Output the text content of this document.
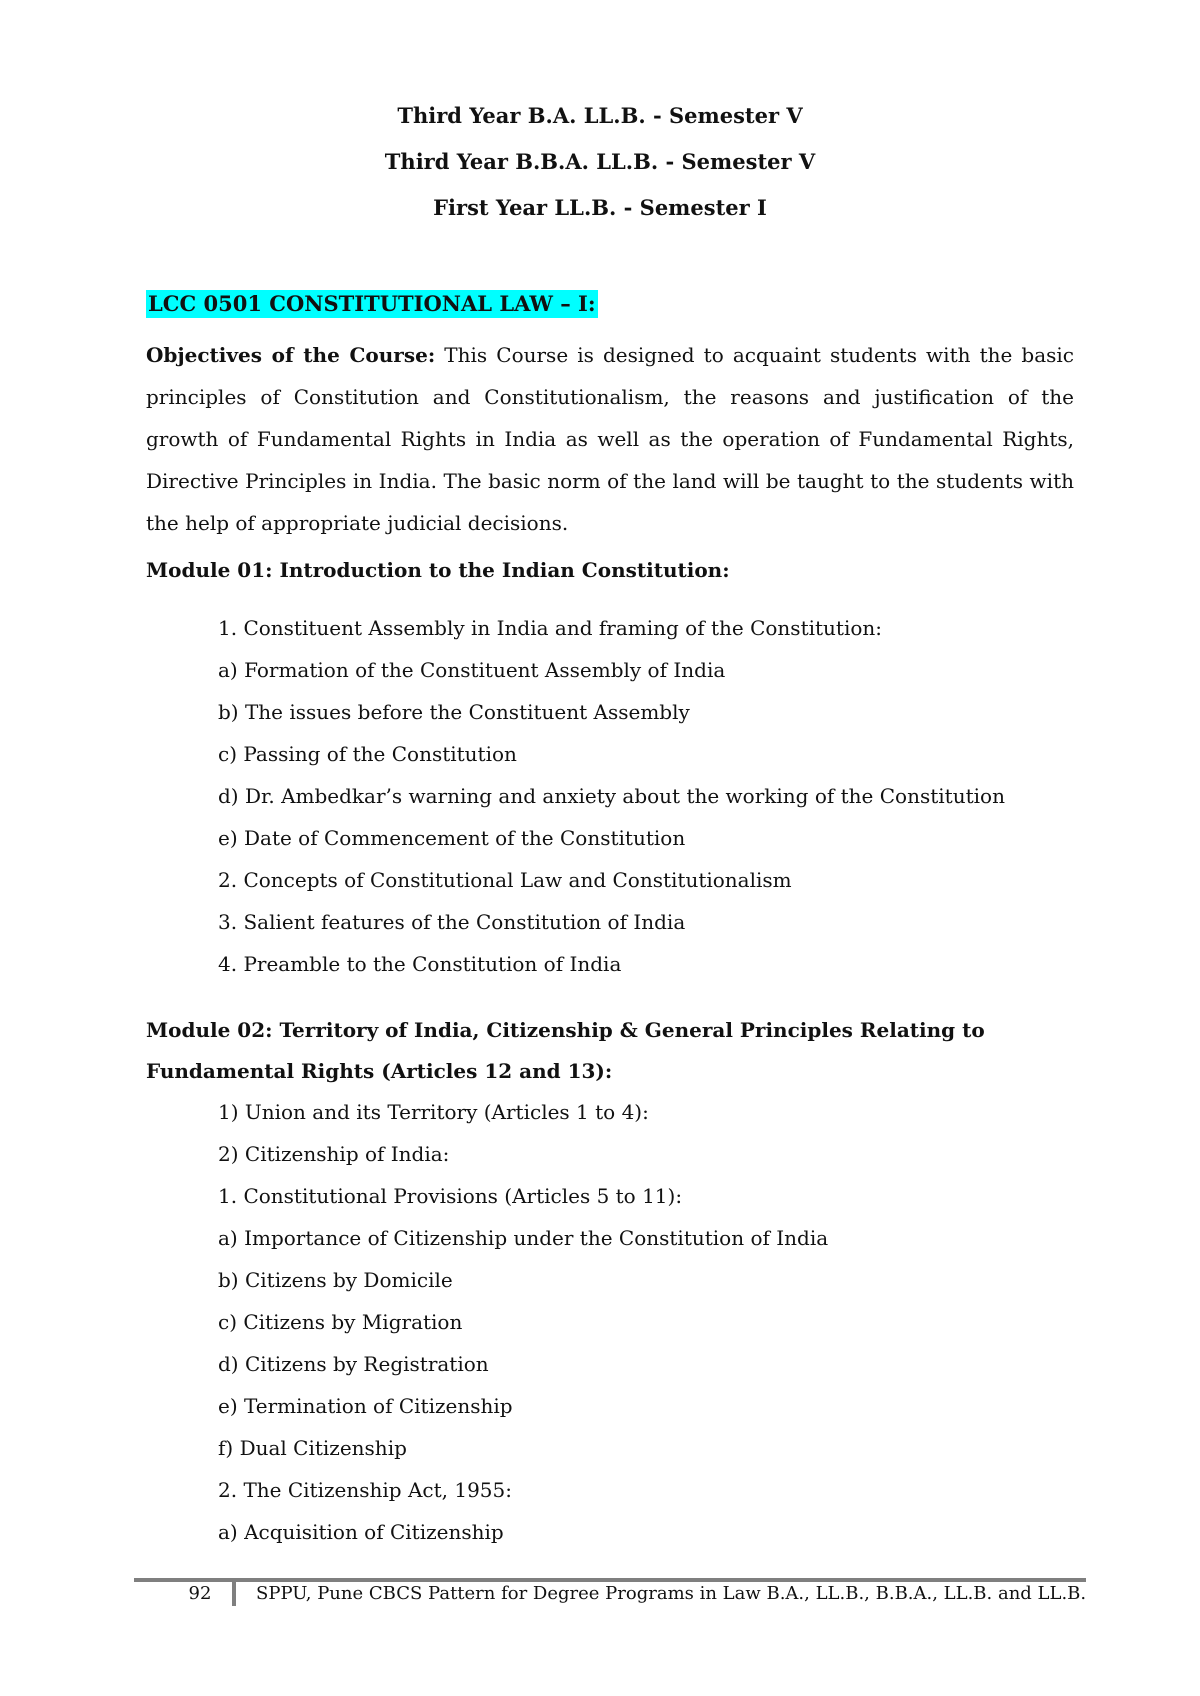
Third Year B.A. LL.B. - Semester V
Third Year B.B.A. LL.B. - Semester V
First Year LL.B. - Semester I
LCC 0501 CONSTITUTIONAL LAW – I:
Objectives of the Course: This Course is designed to acquaint students with the basic principles of Constitution and Constitutionalism, the reasons and justification of the growth of Fundamental Rights in India as well as the operation of Fundamental Rights, Directive Principles in India. The basic norm of the land will be taught to the students with the help of appropriate judicial decisions.
Module 01: Introduction to the Indian Constitution:
1. Constituent Assembly in India and framing of the Constitution:
a) Formation of the Constituent Assembly of India
b) The issues before the Constituent Assembly
c) Passing of the Constitution
d) Dr. Ambedkar’s warning and anxiety about the working of the Constitution
e) Date of Commencement of the Constitution
2. Concepts of Constitutional Law and Constitutionalism
3. Salient features of the Constitution of India
4. Preamble to the Constitution of India
Module 02: Territory of India, Citizenship & General Principles Relating to Fundamental Rights (Articles 12 and 13):
1) Union and its Territory (Articles 1 to 4):
2) Citizenship of India:
1. Constitutional Provisions (Articles 5 to 11):
a) Importance of Citizenship under the Constitution of India
b) Citizens by Domicile
c) Citizens by Migration
d) Citizens by Registration
e) Termination of Citizenship
f) Dual Citizenship
2. The Citizenship Act, 1955:
a) Acquisition of Citizenship
92	SPPU, Pune CBCS Pattern for Degree Programs in Law B.A., LL.B., B.B.A., LL.B. and LL.B.
